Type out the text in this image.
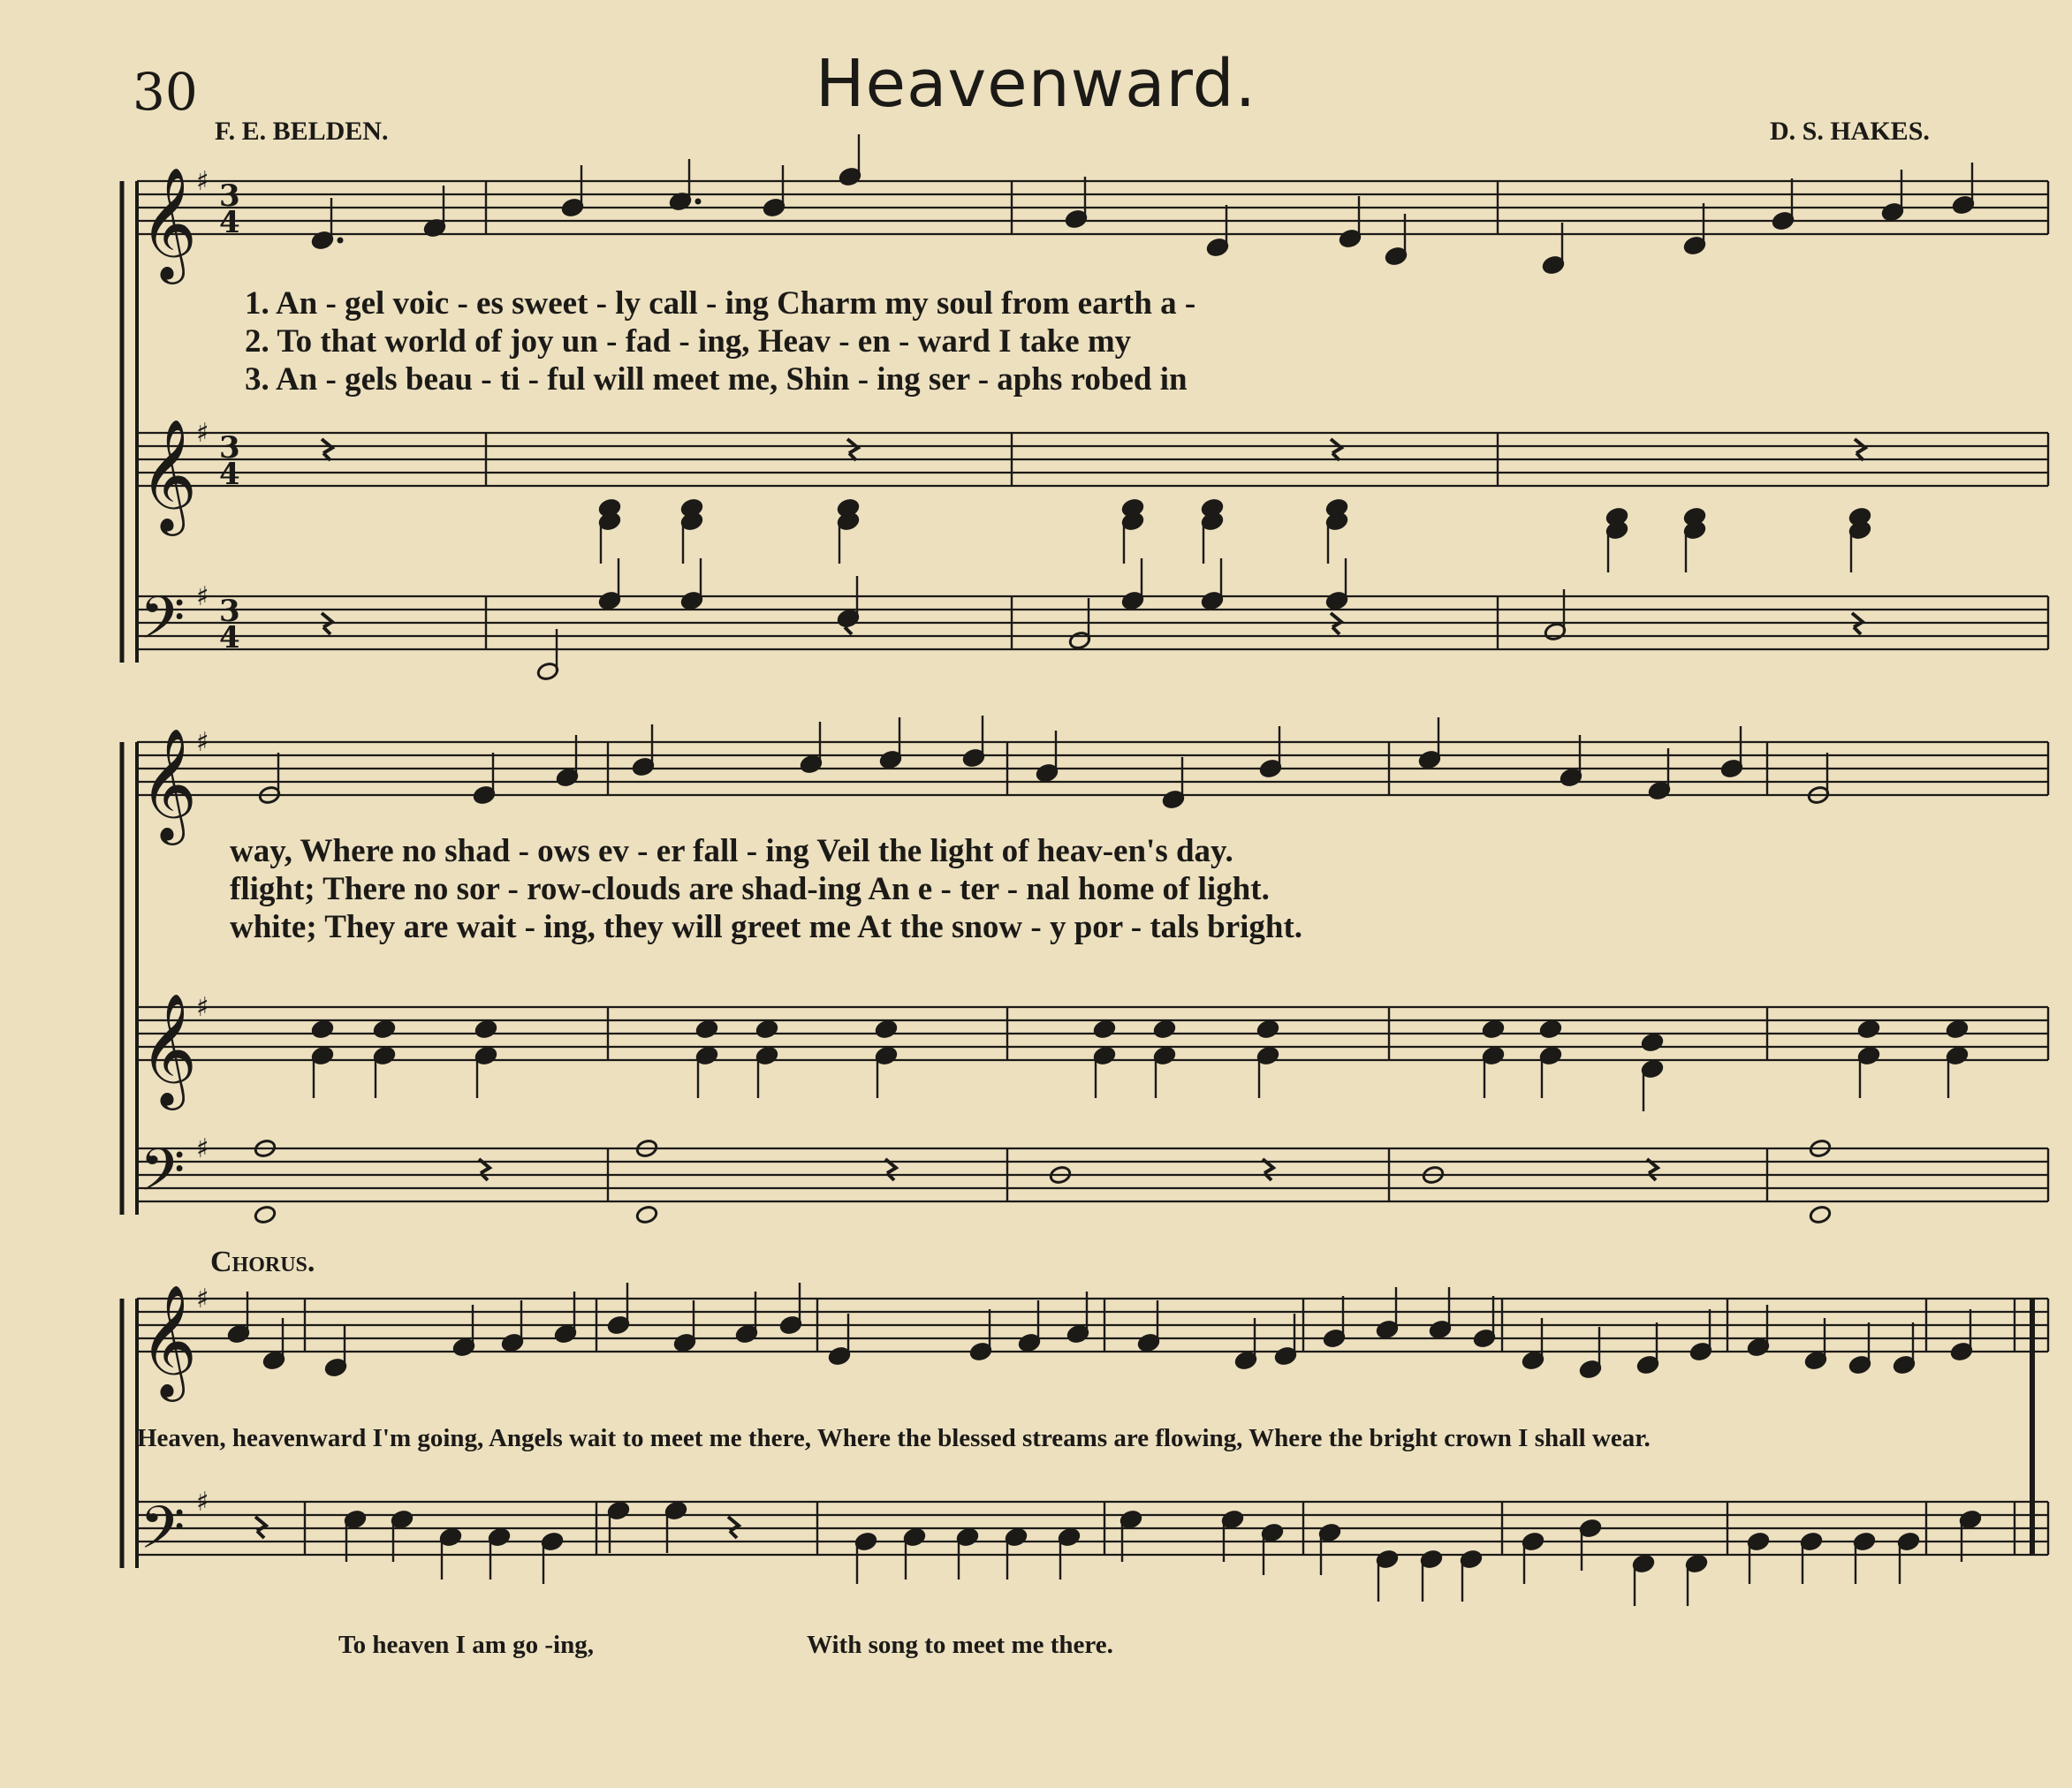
30	Heavenward.
F. E. BELDEN.	D. S. HAKES.
𝄞
𝄞
𝄢
♯ 3
4
♯ 3
4
♯ 3
4
𝄞
𝄞
𝄢
♯
♯
♯
𝄞
𝄢
♯
♯
1. An - gel voic - es sweet - ly call - ing Charm my soul from earth a -
2. To that world of joy un - fad - ing, Heav - en - ward I take my
3. An - gels beau - ti - ful will meet me, Shin - ing ser - aphs robed in
way, Where no shad - ows ev - er fall - ing Veil the light of heav-en's day.
flight; There no sor - row-clouds are shad-ing An e - ter - nal home of light.
white; They are wait - ing, they will greet me At the snow - y por - tals bright.
Chorus.
Heaven, heavenward I'm going, Angels wait to meet me there, Where the blessed streams are flowing, Where the bright crown I shall wear.
To heaven I am go -ing,	With song to meet me there.
